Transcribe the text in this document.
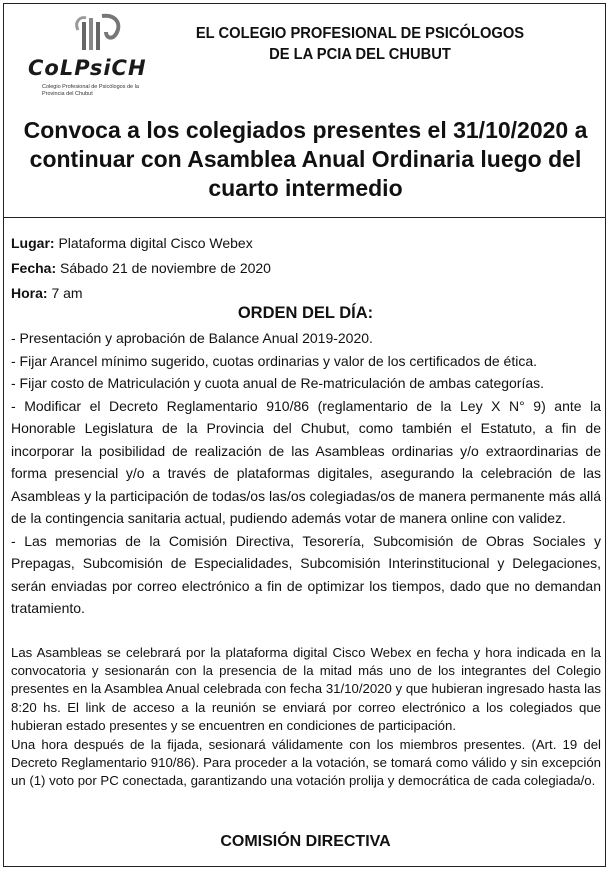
CoLPsiCH
Colegio Profesional de Psicólogos de la Provincia del Chubut
EL COLEGIO PROFESIONAL DE PSICÓLOGOS
DE LA PCIA DEL CHUBUT
Convoca a los colegiados presentes el 31/10/2020 a
continuar con Asamblea Anual Ordinaria luego del
cuarto intermedio
Lugar: Plataforma digital Cisco Webex
Fecha: Sábado 21 de noviembre de 2020
Hora: 7 am
ORDEN DEL DÍA:

- Presentación y aprobación de Balance Anual 2019-2020.

- Fijar Arancel mínimo sugerido, cuotas ordinarias y valor de los certificados de ética.

- Fijar costo de Matriculación y cuota anual de Re-matriculación de ambas categorías.

- Modificar el Decreto Reglamentario 910/86 (reglamentario de la Ley X N° 9) ante la Honorable Legislatura de la Provincia del Chubut, como también el Estatuto, a fin de incorporar la posibilidad de realización de las Asambleas ordinarias y/o extraordinarias de forma presencial y/o a través de plataformas digitales, asegurando la celebración de las Asambleas y la participación de todas/os las/os colegiadas/os de manera permanente más allá de la contingencia sanitaria actual, pudiendo además votar de manera online con validez.

- Las memorias de la Comisión Directiva, Tesorería, Subcomisión de Obras Sociales y Prepagas, Subcomisión de Especialidades, Subcomisión Interinstitucional y Delegaciones, serán enviadas por correo electrónico a fin de optimizar los tiempos, dado que no demandan tratamiento.

Las Asambleas se celebrará por la plataforma digital Cisco Webex en fecha y hora indicada en la convocatoria y sesionarán con la presencia de la mitad más uno de los integrantes del Colegio presentes en la Asamblea Anual celebrada con fecha 31/10/2020 y que hubieran ingresado hasta las 8:20 hs. El link de acceso a la reunión se enviará por correo electrónico a los colegiados que hubieran estado presentes y se encuentren en condiciones de participación.

Una hora después de la fijada, sesionará válidamente con los miembros presentes. (Art. 19 del Decreto Reglamentario 910/86). Para proceder a la votación, se tomará como válido y sin excepción un (1) voto por PC conectada, garantizando una votación prolija y democrática de cada colegiada/o.

COMISIÓN DIRECTIVA
